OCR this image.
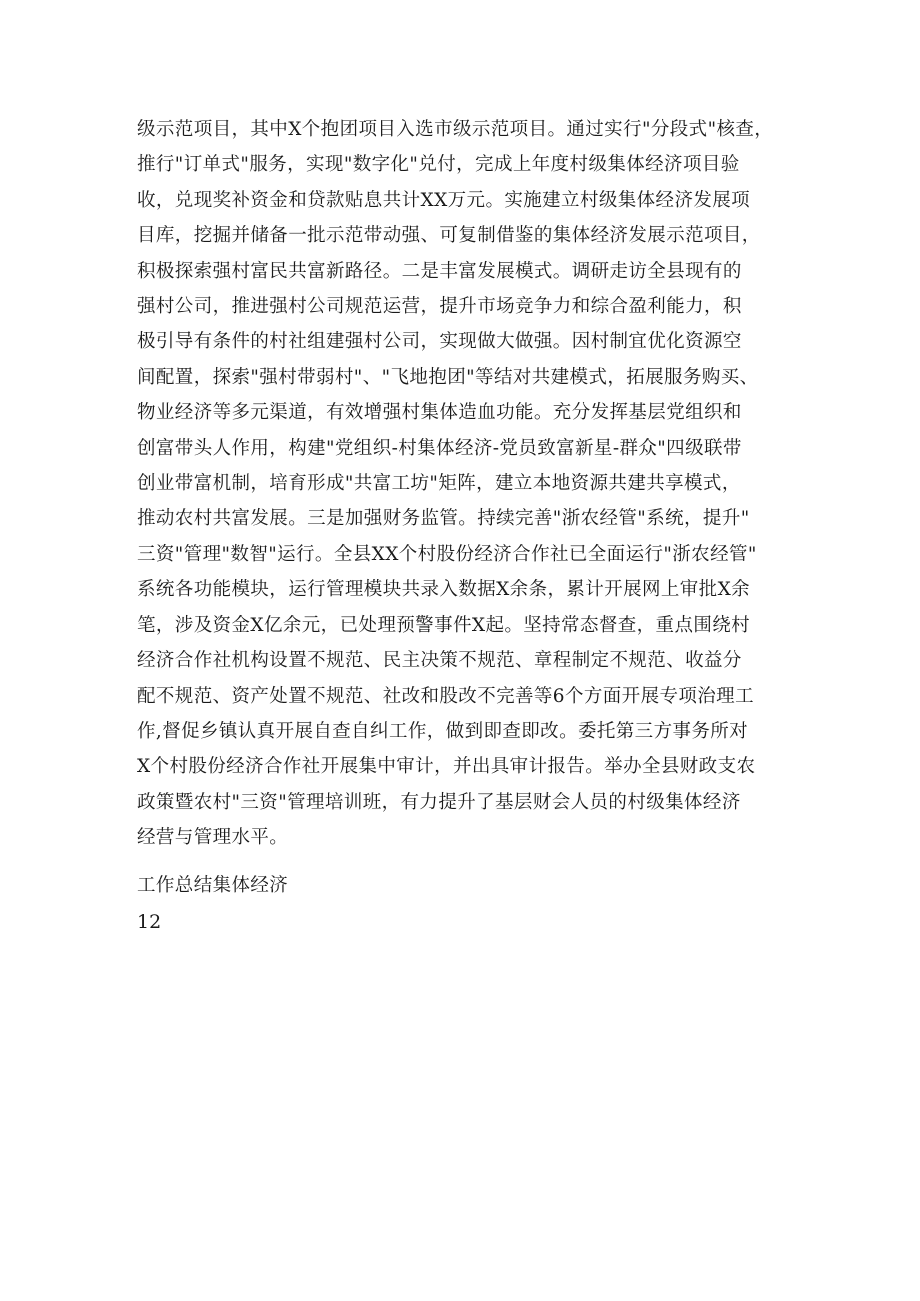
级示范项目，其中X个抱团项目入选市级示范项目。通过实行"分段式"核查，
推行"订单式"服务，实现"数字化"兑付，完成上年度村级集体经济项目验
收，兑现奖补资金和贷款贴息共计XX万元。实施建立村级集体经济发展项
目库，挖掘并储备一批示范带动强、可复制借鉴的集体经济发展示范项目，
积极探索强村富民共富新路径。二是丰富发展模式。调研走访全县现有的
强村公司，推进强村公司规范运营，提升市场竞争力和综合盈利能力，积
极引导有条件的村社组建强村公司，实现做大做强。因村制宜优化资源空
间配置，探索"强村带弱村"、"飞地抱团"等结对共建模式，拓展服务购买、
物业经济等多元渠道，有效增强村集体造血功能。充分发挥基层党组织和
创富带头人作用，构建"党组织-村集体经济-党员致富新星-群众"四级联带
创业带富机制，培育形成"共富工坊"矩阵，建立本地资源共建共享模式，
推动农村共富发展。三是加强财务监管。持续完善"浙农经管"系统，提升"
三资"管理"数智"运行。全县XX个村股份经济合作社已全面运行"浙农经管"
系统各功能模块，运行管理模块共录入数据X余条，累计开展网上审批X余
笔，涉及资金X亿余元，已处理预警事件X起。坚持常态督查，重点围绕村
经济合作社机构设置不规范、民主决策不规范、章程制定不规范、收益分
配不规范、资产处置不规范、社改和股改不完善等6个方面开展专项治理工
作,督促乡镇认真开展自查自纠工作，做到即查即改。委托第三方事务所对
X个村股份经济合作社开展集中审计，并出具审计报告。举办全县财政支农
政策暨农村"三资"管理培训班，有力提升了基层财会人员的村级集体经济
经营与管理水平。

工作总结集体经济

12
